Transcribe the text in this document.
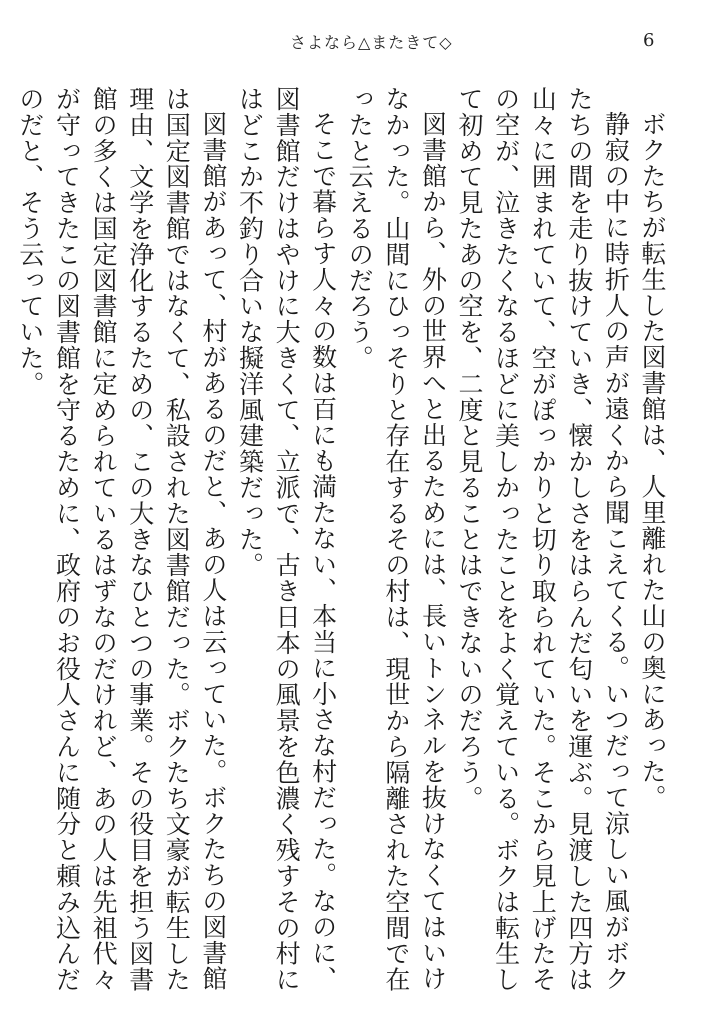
さよなら△またきて◇	6

ボクたちが転生した図書館は、人里離れた山の奥にあった。

静寂の中に時折人の声が遠くから聞こえてくる。いつだって涼しい風がボクたちの間を走り抜けていき、懐かしさをはらんだ匂いを運ぶ。見渡した四方は山々に囲まれていて、空がぽっかりと切り取られていた。そこから見上げたその空が、泣きたくなるほどに美しかったことをよく覚えている。ボクは転生して初めて見たあの空を、二度と見ることはできないのだろう。

図書館から、外の世界へと出るためには、長いトンネルを抜けなくてはいけなかった。山間にひっそりと存在するその村は、現世から隔離された空間で在ったと云えるのだろう。

そこで暮らす人々の数は百にも満たない、本当に小さな村だった。なのに、図書館だけはやけに大きくて、立派で、古き日本の風景を色濃く残すその村にはどこか不釣り合いな擬洋風建築だった。

図書館があって、村があるのだと、あの人は云っていた。ボクたちの図書館は国定図書館ではなくて、私設された図書館だった。ボクたち文豪が転生した理由、文学を浄化するための、この大きなひとつの事業。その役目を担う図書館の多くは国定図書館に定められているはずなのだけれど、あの人は先祖代々が守ってきたこの図書館を守るために、政府のお役人さんに随分と頼み込んだのだと、そう云っていた。
